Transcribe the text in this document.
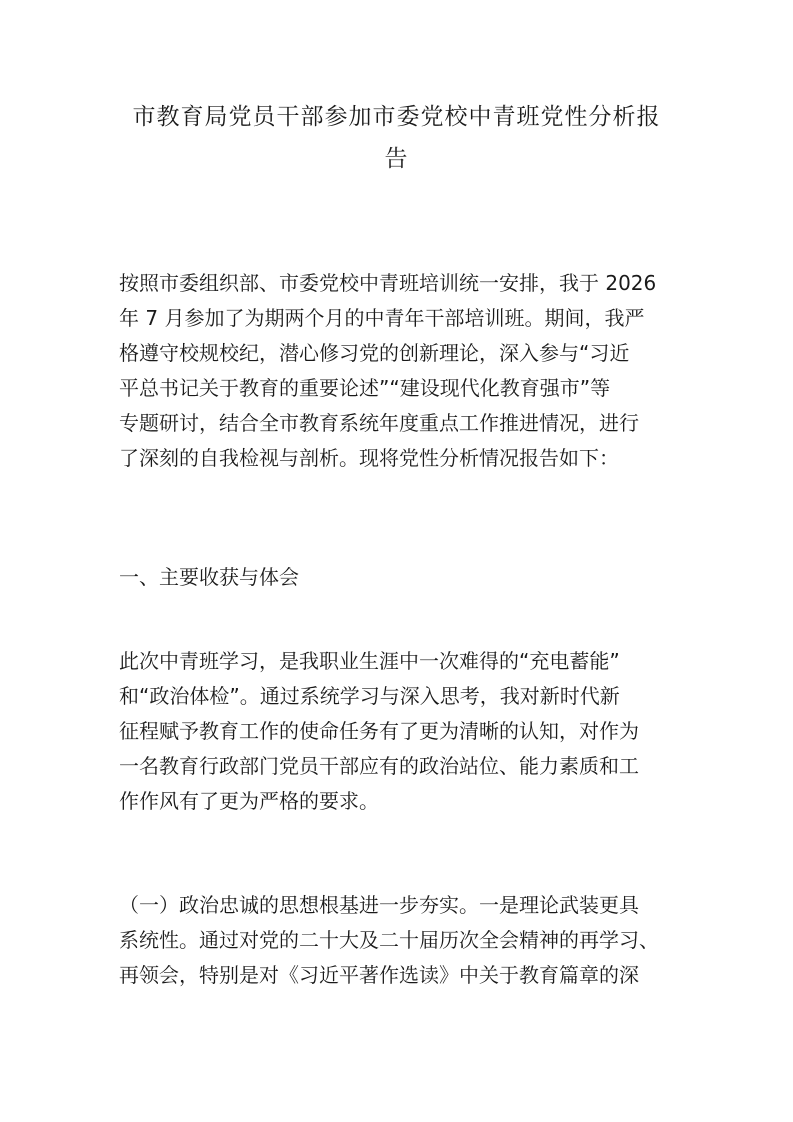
市教育局党员干部参加市委党校中青班党性分析报
告
按照市委组织部、市委党校中青班培训统一安排，我于 2026
年 7 月参加了为期两个月的中青年干部培训班。期间，我严
格遵守校规校纪，潜心修习党的创新理论，深入参与“习近
平总书记关于教育的重要论述”“建设现代化教育强市”等
专题研讨，结合全市教育系统年度重点工作推进情况，进行
了深刻的自我检视与剖析。现将党性分析情况报告如下：
一、主要收获与体会
此次中青班学习，是我职业生涯中一次难得的“充电蓄能”
和“政治体检”。通过系统学习与深入思考，我对新时代新
征程赋予教育工作的使命任务有了更为清晰的认知，对作为
一名教育行政部门党员干部应有的政治站位、能力素质和工
作作风有了更为严格的要求。
（一）政治忠诚的思想根基进一步夯实。一是理论武装更具
系统性。通过对党的二十大及二十届历次全会精神的再学习、
再领会，特别是对《习近平著作选读》中关于教育篇章的深
